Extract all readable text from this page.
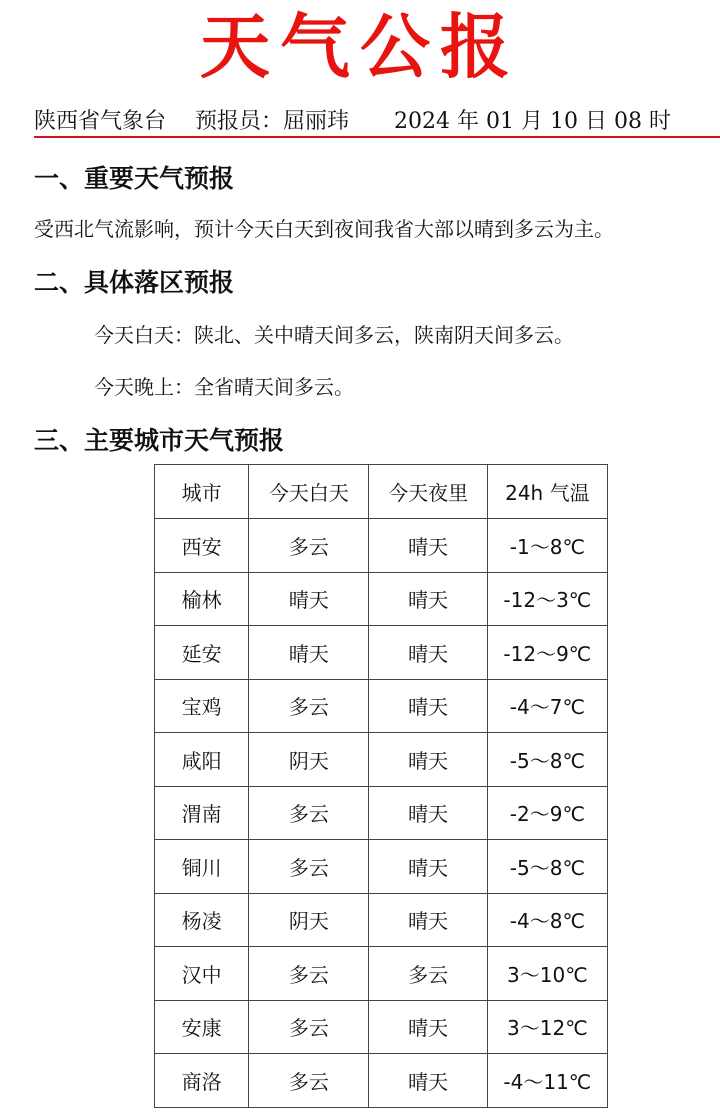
天气公报
陕西省气象台 预报员：屈丽玮 2024 年 01 月 10 日 08 时
一、重要天气预报
受西北气流影响，预计今天白天到夜间我省大部以晴到多云为主。
二、具体落区预报
今天白天：陕北、关中晴天间多云，陕南阴天间多云。
今天晚上：全省晴天间多云。
三、主要城市天气预报
城市	今天白天	今天夜里	24h 气温
西安	多云	晴天	-1～8℃
榆林	晴天	晴天	-12～3℃
延安	晴天	晴天	-12～9℃
宝鸡	多云	晴天	-4～7℃
咸阳	阴天	晴天	-5～8℃
渭南	多云	晴天	-2～9℃
铜川	多云	晴天	-5～8℃
杨凌	阴天	晴天	-4～8℃
汉中	多云	多云	3～10℃
安康	多云	晴天	3～12℃
商洛	多云	晴天	-4～11℃
